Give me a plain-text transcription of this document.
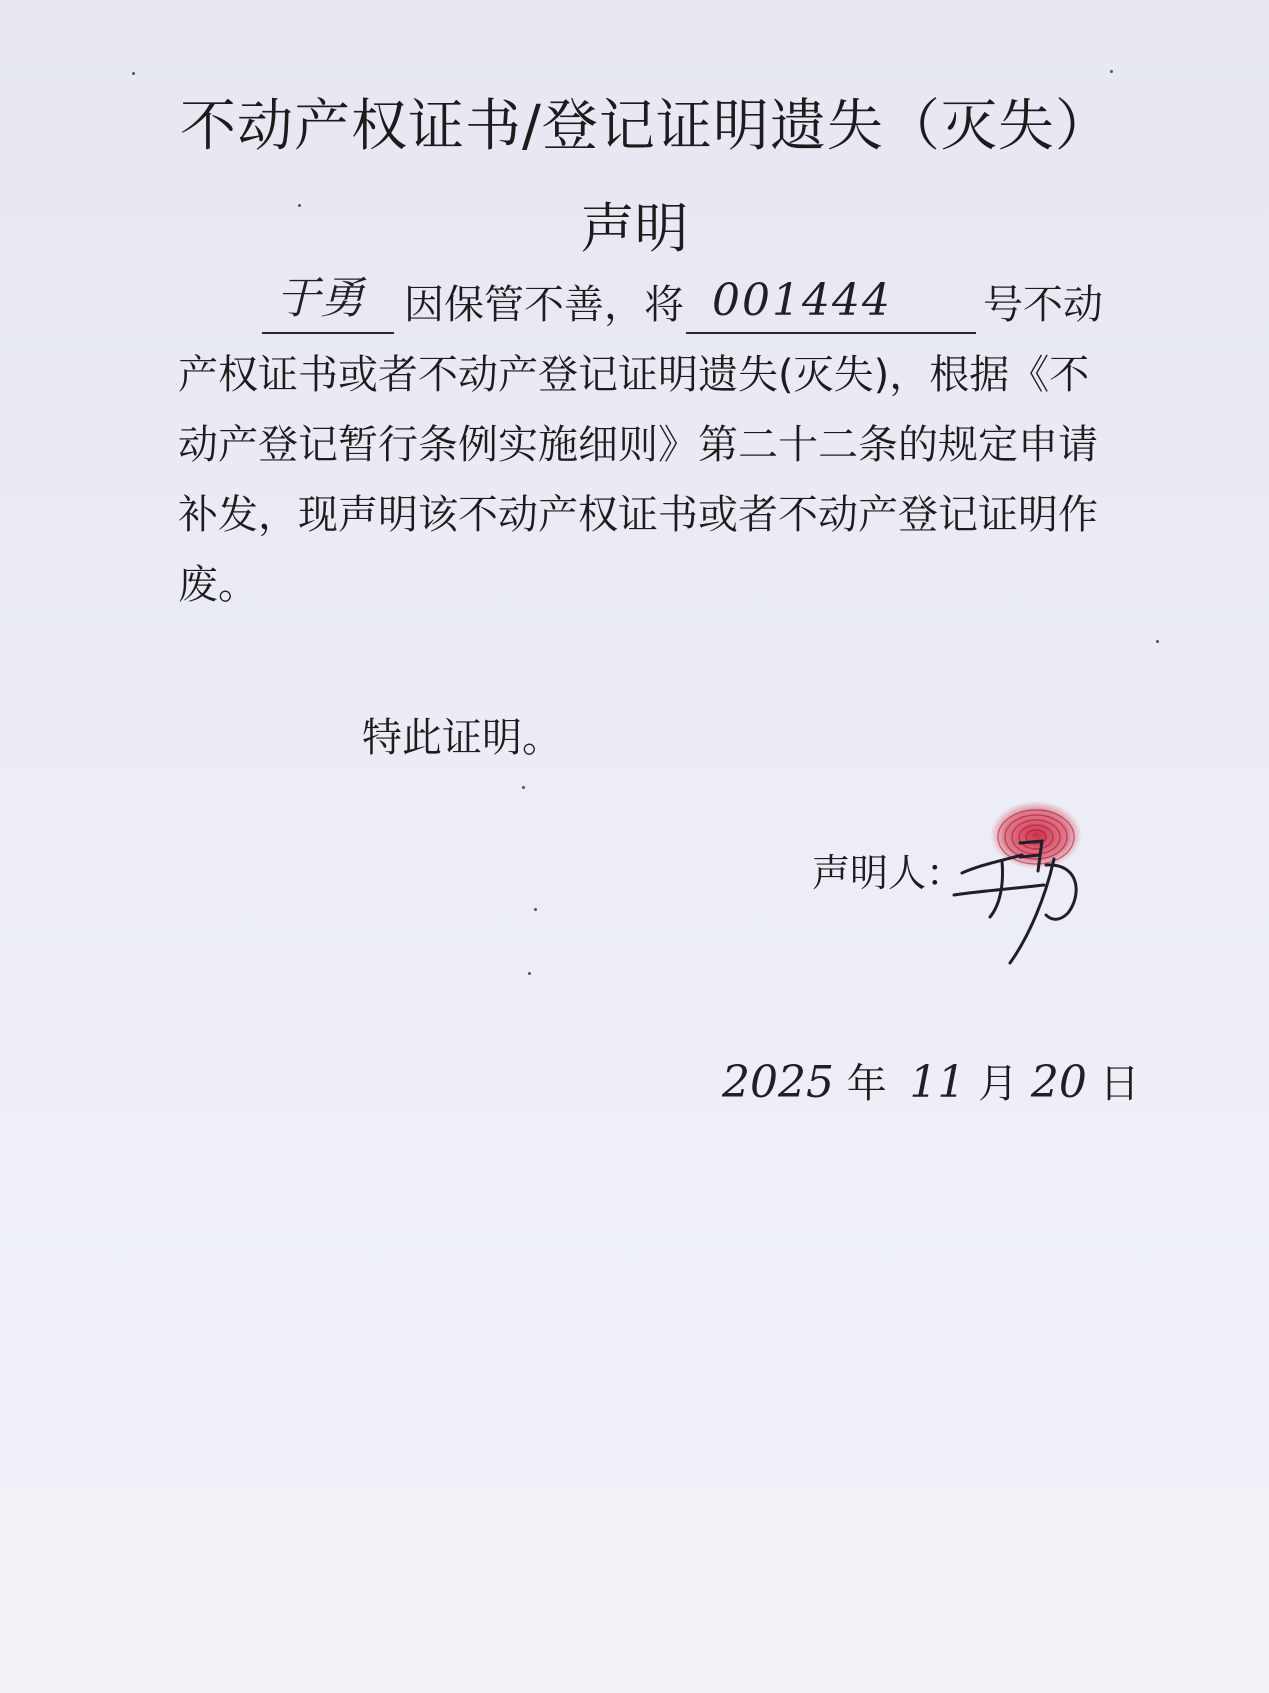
不动产权证书/登记证明遗失（灭失）
声明
于勇 因保管不善，将 001444 号不动
产权证书或者不动产登记证明遗失(灭失)，根据《不
动产登记暂行条例实施细则》第二十二条的规定申请
补发，现声明该不动产权证书或者不动产登记证明作
废。
特此证明。
声明人：
2025 年 11 月 20 日
